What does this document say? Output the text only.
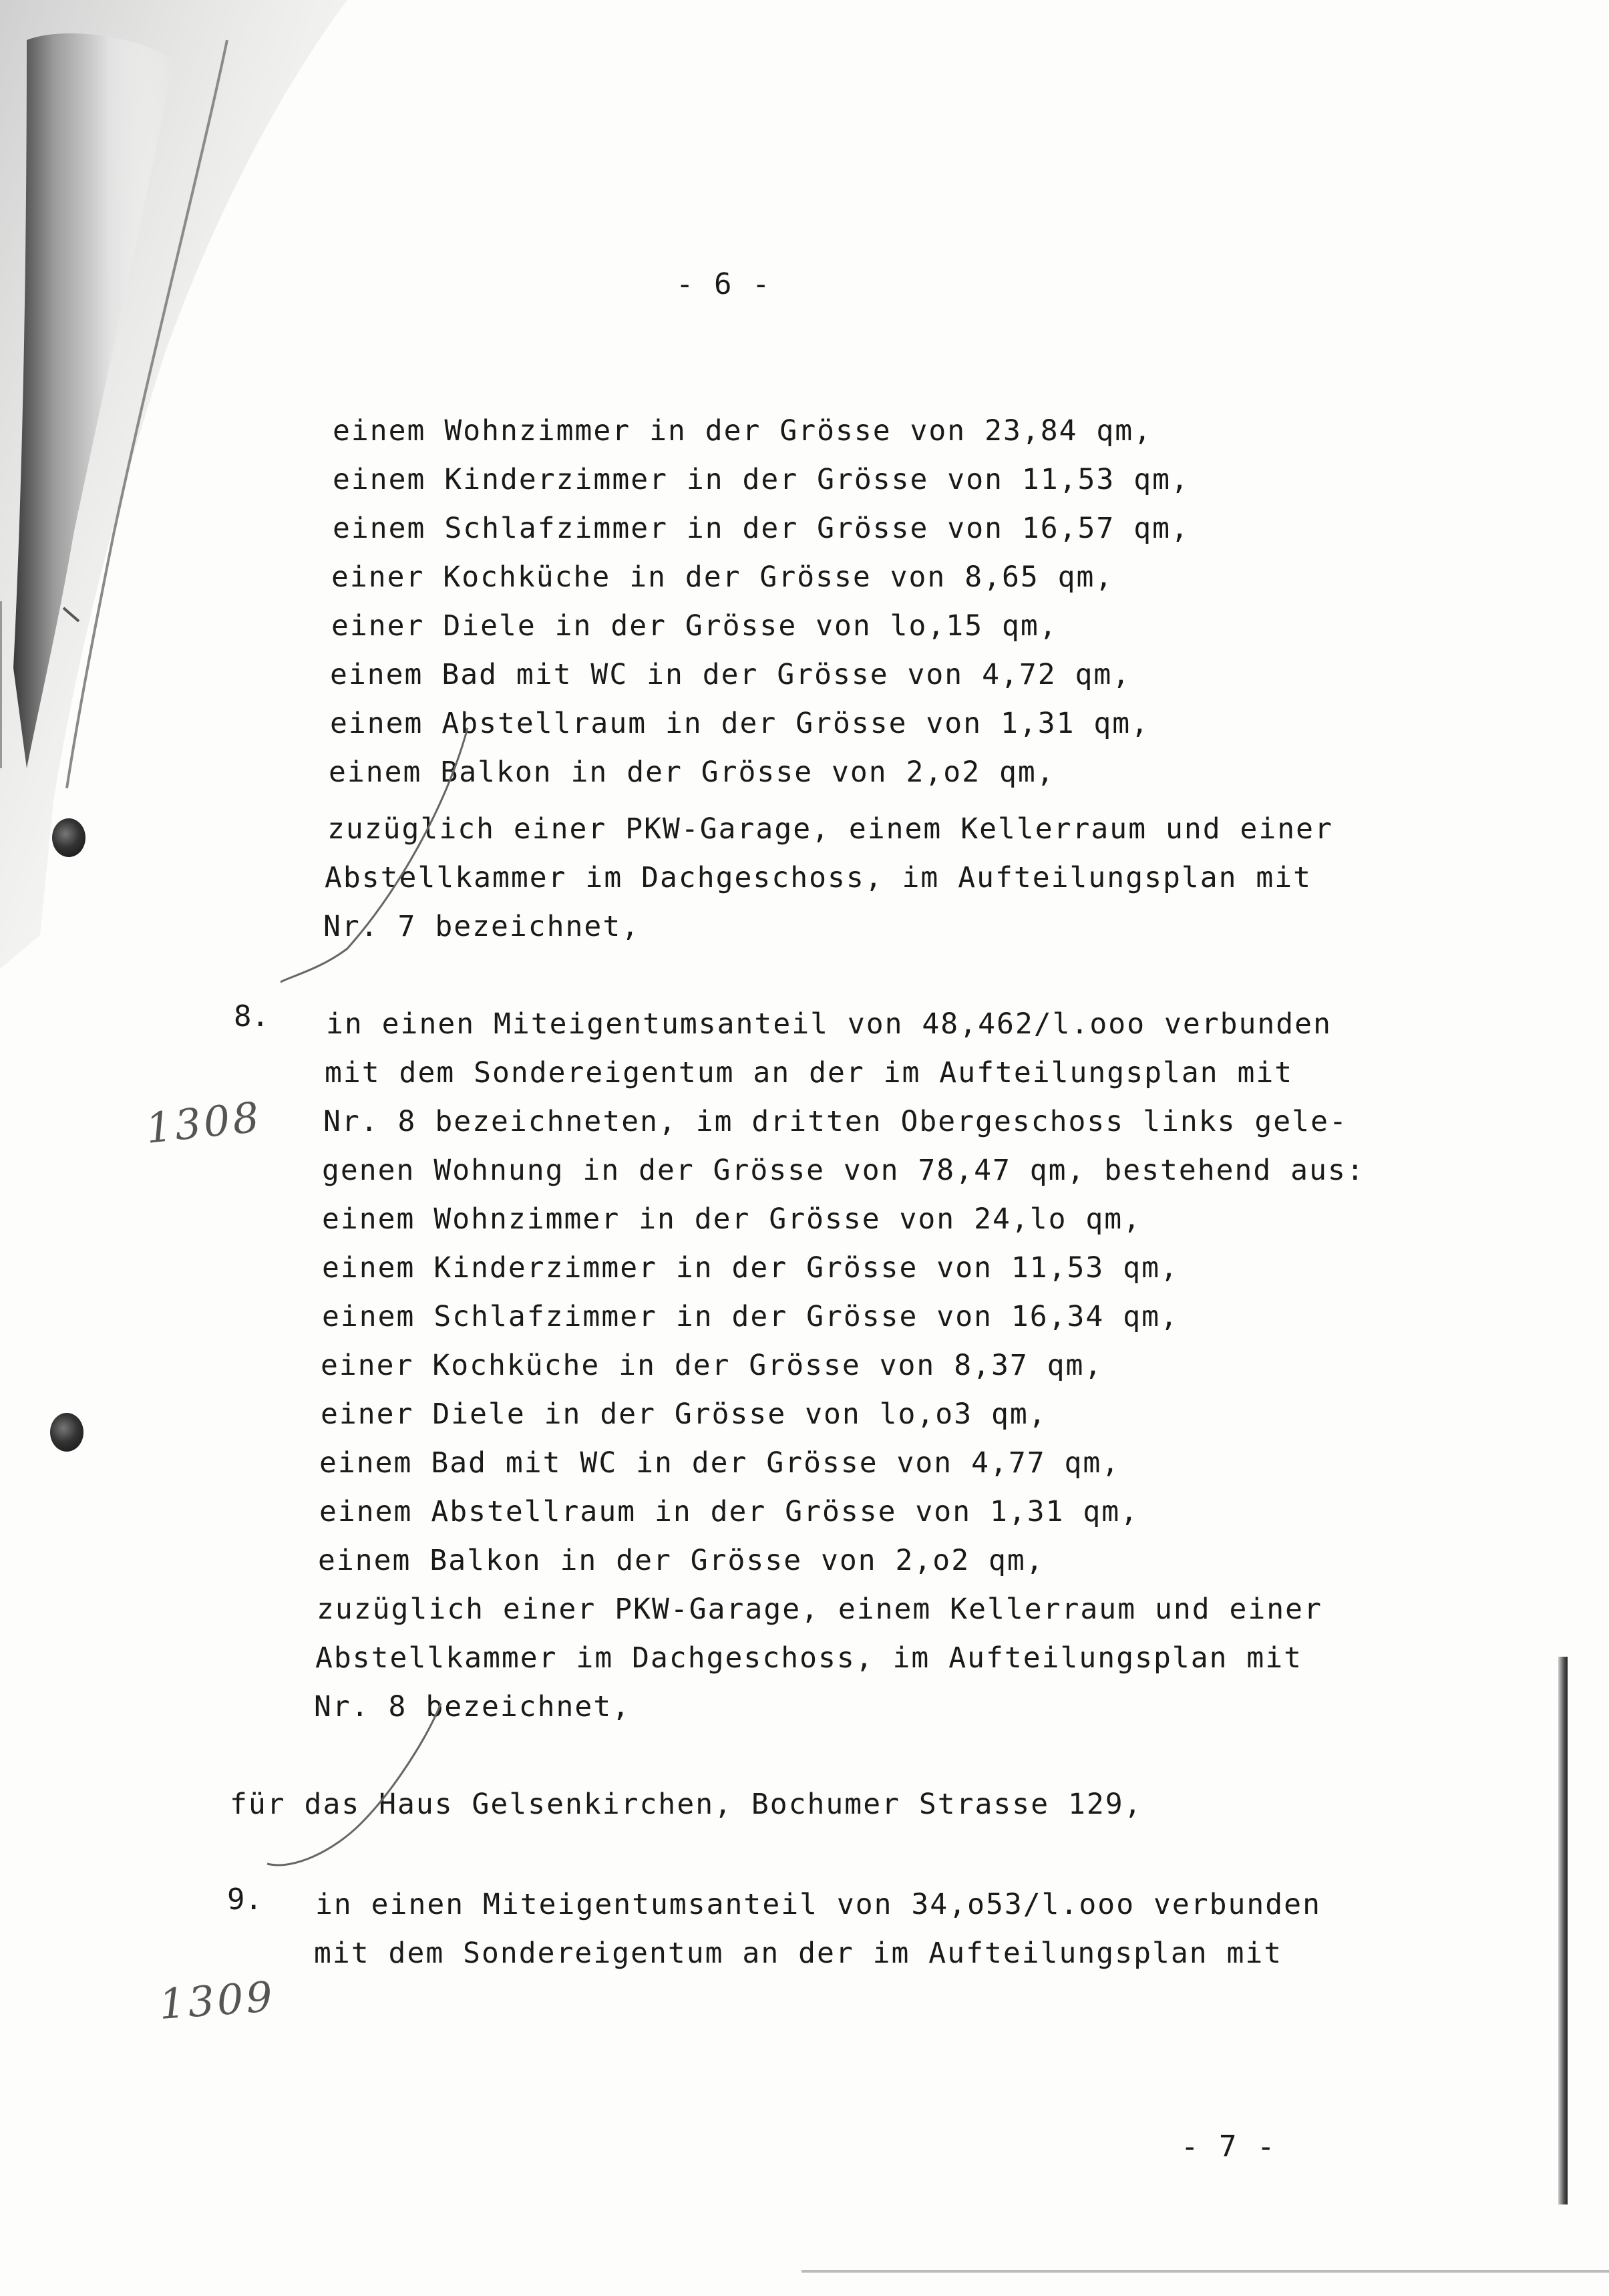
- 6 -
einem Wohnzimmer in der Grösse von 23,84 qm,
einem Kinderzimmer in der Grösse von 11,53 qm,
einem Schlafzimmer in der Grösse von 16,57 qm,
einer Kochküche in der Grösse von 8,65 qm,
einer Diele in der Grösse von lo,15 qm,
einem Bad mit WC in der Grösse von 4,72 qm,
einem Abstellraum in der Grösse von 1,31 qm,
einem Balkon in der Grösse von 2,o2 qm,
zuzüglich einer PKW-Garage, einem Kellerraum und einer
Abstellkammer im Dachgeschoss, im Aufteilungsplan mit
Nr. 7 bezeichnet,
8.
1308
in einen Miteigentumsanteil von 48,462/l.ooo verbunden
mit dem Sondereigentum an der im Aufteilungsplan mit
Nr. 8 bezeichneten, im dritten Obergeschoss links gele-
genen Wohnung in der Grösse von 78,47 qm, bestehend aus:
einem Wohnzimmer in der Grösse von 24,lo qm,
einem Kinderzimmer in der Grösse von 11,53 qm,
einem Schlafzimmer in der Grösse von 16,34 qm,
einer Kochküche in der Grösse von 8,37 qm,
einer Diele in der Grösse von lo,o3 qm,
einem Bad mit WC in der Grösse von 4,77 qm,
einem Abstellraum in der Grösse von 1,31 qm,
einem Balkon in der Grösse von 2,o2 qm,
zuzüglich einer PKW-Garage, einem Kellerraum und einer
Abstellkammer im Dachgeschoss, im Aufteilungsplan mit
Nr. 8 bezeichnet,
für das Haus Gelsenkirchen, Bochumer Strasse 129,
9.
1309
in einen Miteigentumsanteil von 34,o53/l.ooo verbunden
mit dem Sondereigentum an der im Aufteilungsplan mit
- 7 -
